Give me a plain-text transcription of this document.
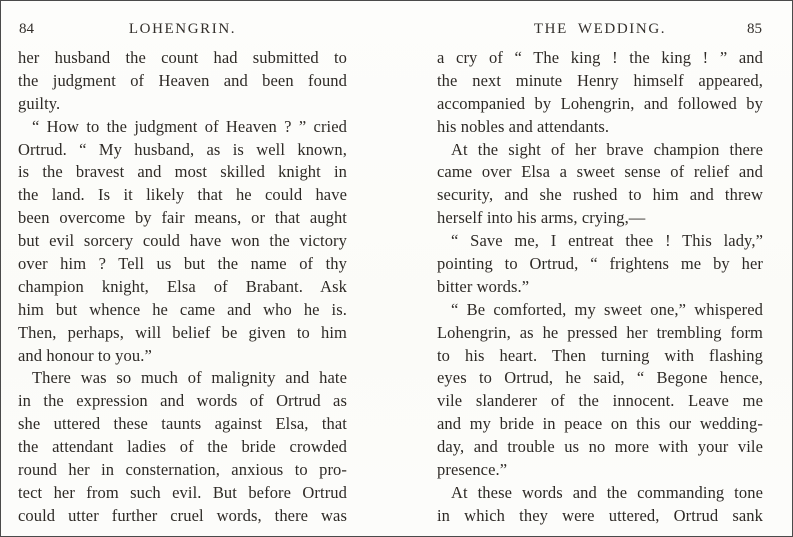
84	LOHENGRIN.
her husband the count had submitted to
the judgment of Heaven and been found
guilty.
“ How to the judgment of Heaven ? ” cried
Ortrud. “ My husband, as is well known,
is the bravest and most skilled knight in
the land. Is it likely that he could have
been overcome by fair means, or that aught
but evil sorcery could have won the victory
over him ? Tell us but the name of thy
champion knight, Elsa of Brabant. Ask
him but whence he came and who he is.
Then, perhaps, will belief be given to him
and honour to you.”
There was so much of malignity and hate
in the expression and words of Ortrud as
she uttered these taunts against Elsa, that
the attendant ladies of the bride crowded
round her in consternation, anxious to pro-
tect her from such evil. But before Ortrud
could utter further cruel words, there was
THE WEDDING.	85
a cry of “ The king ! the king ! ” and
the next minute Henry himself appeared,
accompanied by Lohengrin, and followed by
his nobles and attendants.
At the sight of her brave champion there
came over Elsa a sweet sense of relief and
security, and she rushed to him and threw
herself into his arms, crying,—
“ Save me, I entreat thee ! This lady,”
pointing to Ortrud, “ frightens me by her
bitter words.”
“ Be comforted, my sweet one,” whispered
Lohengrin, as he pressed her trembling form
to his heart. Then turning with flashing
eyes to Ortrud, he said, “ Begone hence,
vile slanderer of the innocent. Leave me
and my bride in peace on this our wedding-
day, and trouble us no more with your vile
presence.”
At these words and the commanding tone
in which they were uttered, Ortrud sank
